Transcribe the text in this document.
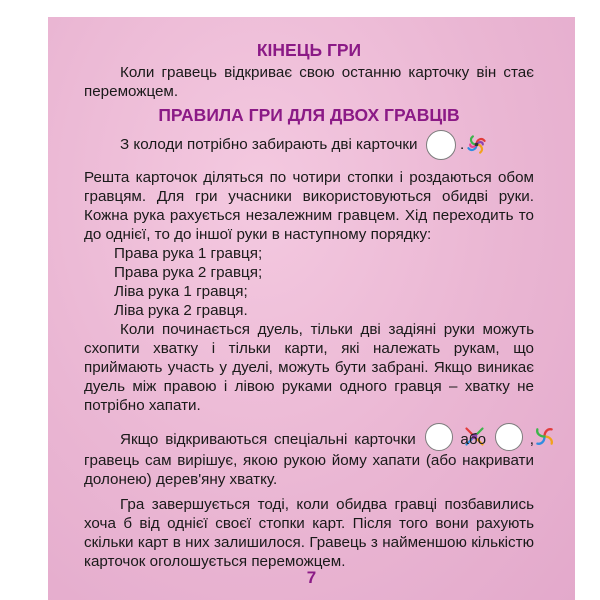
КІНЕЦЬ ГРИ

Коли гравець відкриває свою останню карточку він стає переможцем.

ПРАВИЛА ГРИ ДЛЯ ДВОХ ГРАВЦІВ

З колоди потрібно забирають дві карточки	.

Решта карточок діляться по чотири стопки і роздаються обом гравцям. Для гри учасники використовуються обидві руки. Кожна рука рахується незалежним гравцем. Хід переходить то до однієї, то до іншої руки в наступному порядку:

Права рука 1 гравця;
Права рука 2 гравця;
Ліва рука 1 гравця;
Ліва рука 2 гравця.

Коли починається дуель, тільки дві задіяні руки можуть схопити хватку і тільки карти, які належать рукам, що приймають участь у дуелі, можуть бути забрані. Якщо виникає дуель між правою і лівою руками одного гравця – хватку не потрібно хапати.

Якщо відкриваються спеціальні карточки	або	, гравець сам вирішує, якою рукою йому хапати (або накривати долонею) дерев'яну хватку.

Гра завершується тоді, коли обидва гравці позбавились хоча б від однієї своєї стопки карт. Після того вони рахують скільки карт в них залишилося. Гравець з найменшою кількістю карточок оголошується переможцем.

7
